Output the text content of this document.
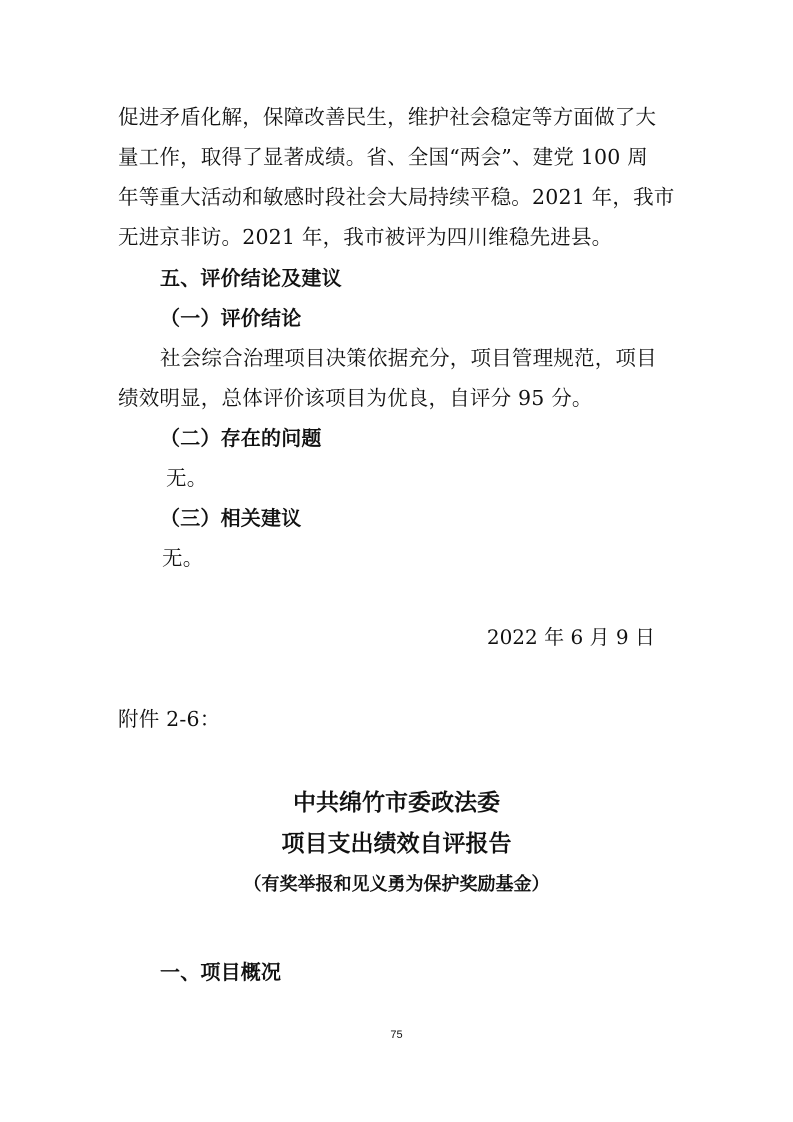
促进矛盾化解，保障改善民生，维护社会稳定等方面做了大
量工作，取得了显著成绩。省、全国“两会”、建党 100 周
年等重大活动和敏感时段社会大局持续平稳。2021 年，我市
无进京非访。2021 年，我市被评为四川维稳先进县。
五、评价结论及建议
（一）评价结论
社会综合治理项目决策依据充分，项目管理规范，项目
绩效明显，总体评价该项目为优良，自评分 95 分。
（二）存在的问题
无。
（三）相关建议
无。
2022 年 6 月 9 日
附件 2-6：
中共绵竹市委政法委
项目支出绩效自评报告
（有奖举报和见义勇为保护奖励基金）
一、项目概况
75
